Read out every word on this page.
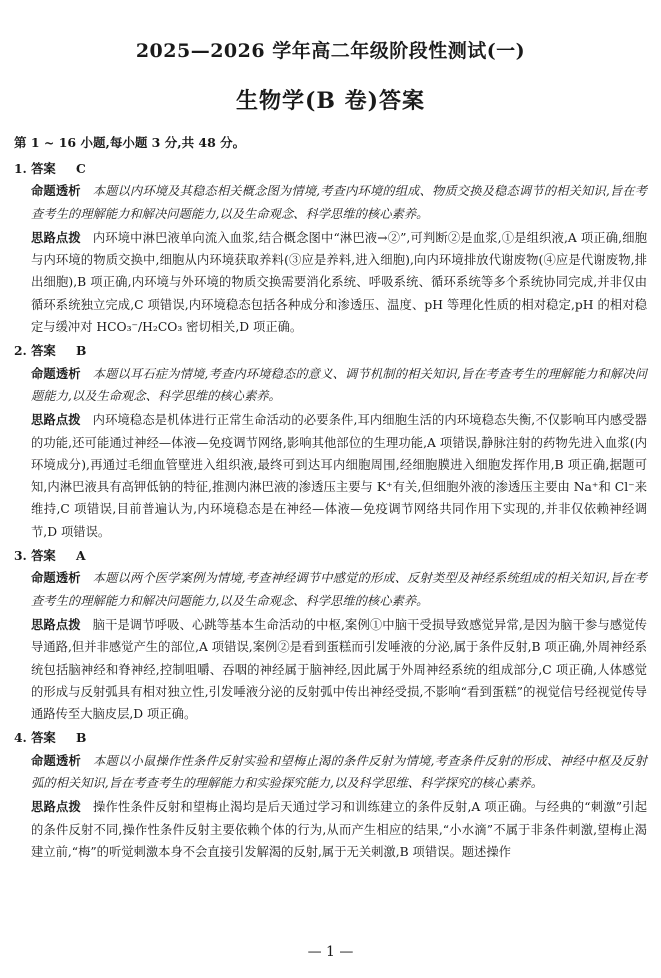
2025—2026 学年高二年级阶段性测试(一)
生物学(B 卷)答案
第 1 ~ 16 小题,每小题 3 分,共 48 分。

1. 答案 C

命题透析 本题以内环境及其稳态相关概念图为情境,考查内环境的组成、物质交换及稳态调节的相关知识,旨在考查考生的理解能力和解决问题能力,以及生命观念、科学思维的核心素养。

思路点拨 内环境中淋巴液单向流入血浆,结合概念图中“淋巴液→②”,可判断②是血浆,①是组织液,A 项正确,细胞与内环境的物质交换中,细胞从内环境获取养料(③应是养料,进入细胞),向内环境排放代谢废物(④应是代谢废物,排出细胞),B 项正确,内环境与外环境的物质交换需要消化系统、呼吸系统、循环系统等多个系统协同完成,并非仅由循环系统独立完成,C 项错误,内环境稳态包括各种成分和渗透压、温度、pH 等理化性质的相对稳定,pH 的相对稳定与缓冲对 HCO₃⁻/H₂CO₃ 密切相关,D 项正确。

2. 答案 B

命题透析 本题以耳石症为情境,考查内环境稳态的意义、调节机制的相关知识,旨在考查考生的理解能力和解决问题能力,以及生命观念、科学思维的核心素养。

思路点拨 内环境稳态是机体进行正常生命活动的必要条件,耳内细胞生活的内环境稳态失衡,不仅影响耳内感受器的功能,还可能通过神经—体液—免疫调节网络,影响其他部位的生理功能,A 项错误,静脉注射的药物先进入血浆(内环境成分),再通过毛细血管壁进入组织液,最终可到达耳内细胞周围,经细胞膜进入细胞发挥作用,B 项正确,据题可知,内淋巴液具有高钾低钠的特征,推测内淋巴液的渗透压主要与 K⁺有关,但细胞外液的渗透压主要由 Na⁺和 Cl⁻来维持,C 项错误,目前普遍认为,内环境稳态是在神经—体液—免疫调节网络共同作用下实现的,并非仅依赖神经调节,D 项错误。

3. 答案 A

命题透析 本题以两个医学案例为情境,考查神经调节中感觉的形成、反射类型及神经系统组成的相关知识,旨在考查考生的理解能力和解决问题能力,以及生命观念、科学思维的核心素养。

思路点拨 脑干是调节呼吸、心跳等基本生命活动的中枢,案例①中脑干受损导致感觉异常,是因为脑干参与感觉传导通路,但并非感觉产生的部位,A 项错误,案例②是看到蛋糕而引发唾液的分泌,属于条件反射,B 项正确,外周神经系统包括脑神经和脊神经,控制咀嚼、吞咽的神经属于脑神经,因此属于外周神经系统的组成部分,C 项正确,人体感觉的形成与反射弧具有相对独立性,引发唾液分泌的反射弧中传出神经受损,不影响“看到蛋糕”的视觉信号经视觉传导通路传至大脑皮层,D 项正确。

4. 答案 B

命题透析 本题以小鼠操作性条件反射实验和望梅止渴的条件反射为情境,考查条件反射的形成、神经中枢及反射弧的相关知识,旨在考查考生的理解能力和实验探究能力,以及科学思维、科学探究的核心素养。

思路点拨 操作性条件反射和望梅止渴均是后天通过学习和训练建立的条件反射,A 项正确。与经典的“刺激”引起的条件反射不同,操作性条件反射主要依赖个体的行为,从而产生相应的结果,“小水滴”不属于非条件刺激,望梅止渴建立前,“梅”的听觉刺激本身不会直接引发解渴的反射,属于无关刺激,B 项错误。题述操作

— 1 —
